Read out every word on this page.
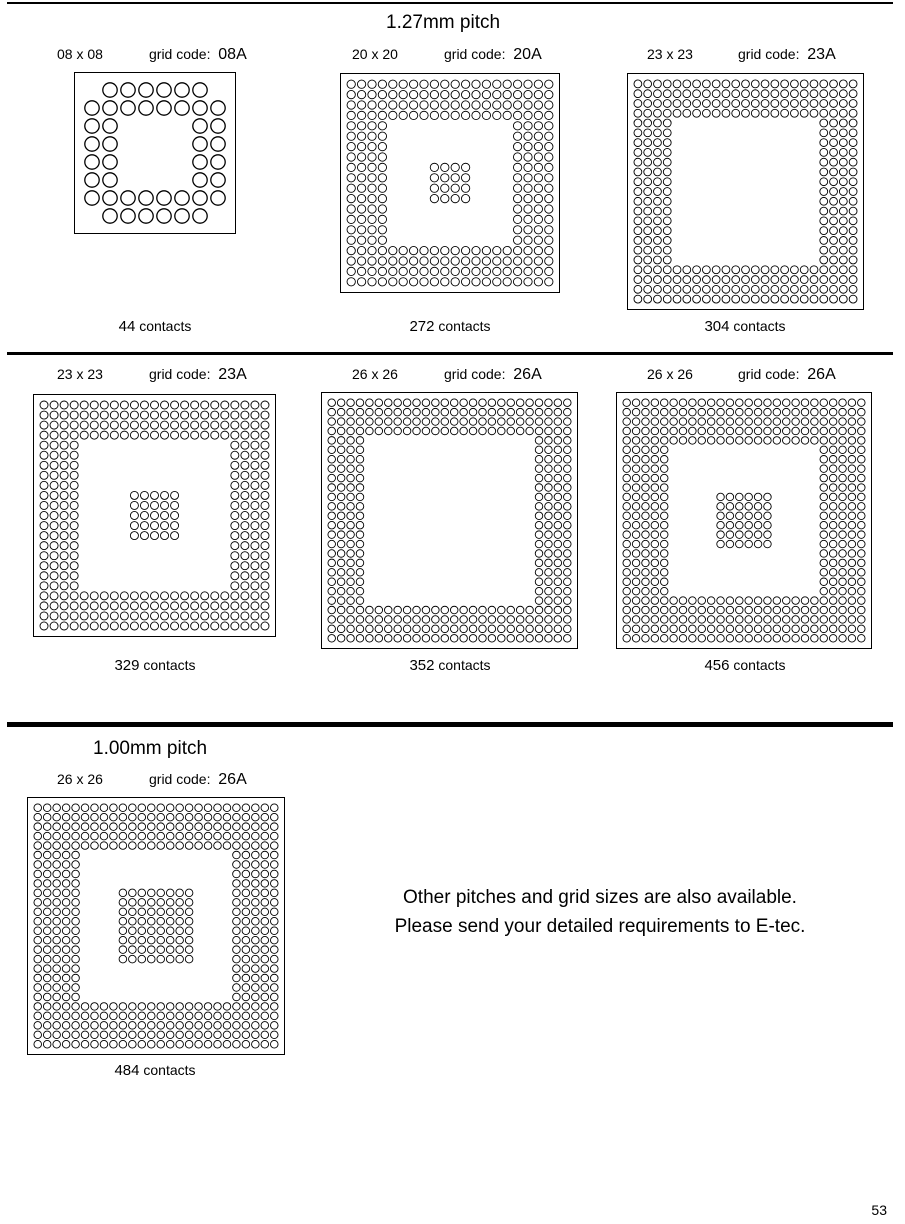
1.27mm pitch
08 x 08	grid code: 08A
44 contacts
20 x 20	grid code: 20A
272 contacts
23 x 23	grid code: 23A
304 contacts
23 x 23	grid code: 23A
329 contacts
26 x 26	grid code: 26A
352 contacts
26 x 26	grid code: 26A
456 contacts
1.00mm pitch
26 x 26	grid code: 26A
484 contacts
Other pitches and grid sizes are also available.
Please send your detailed requirements to E-tec.
53
